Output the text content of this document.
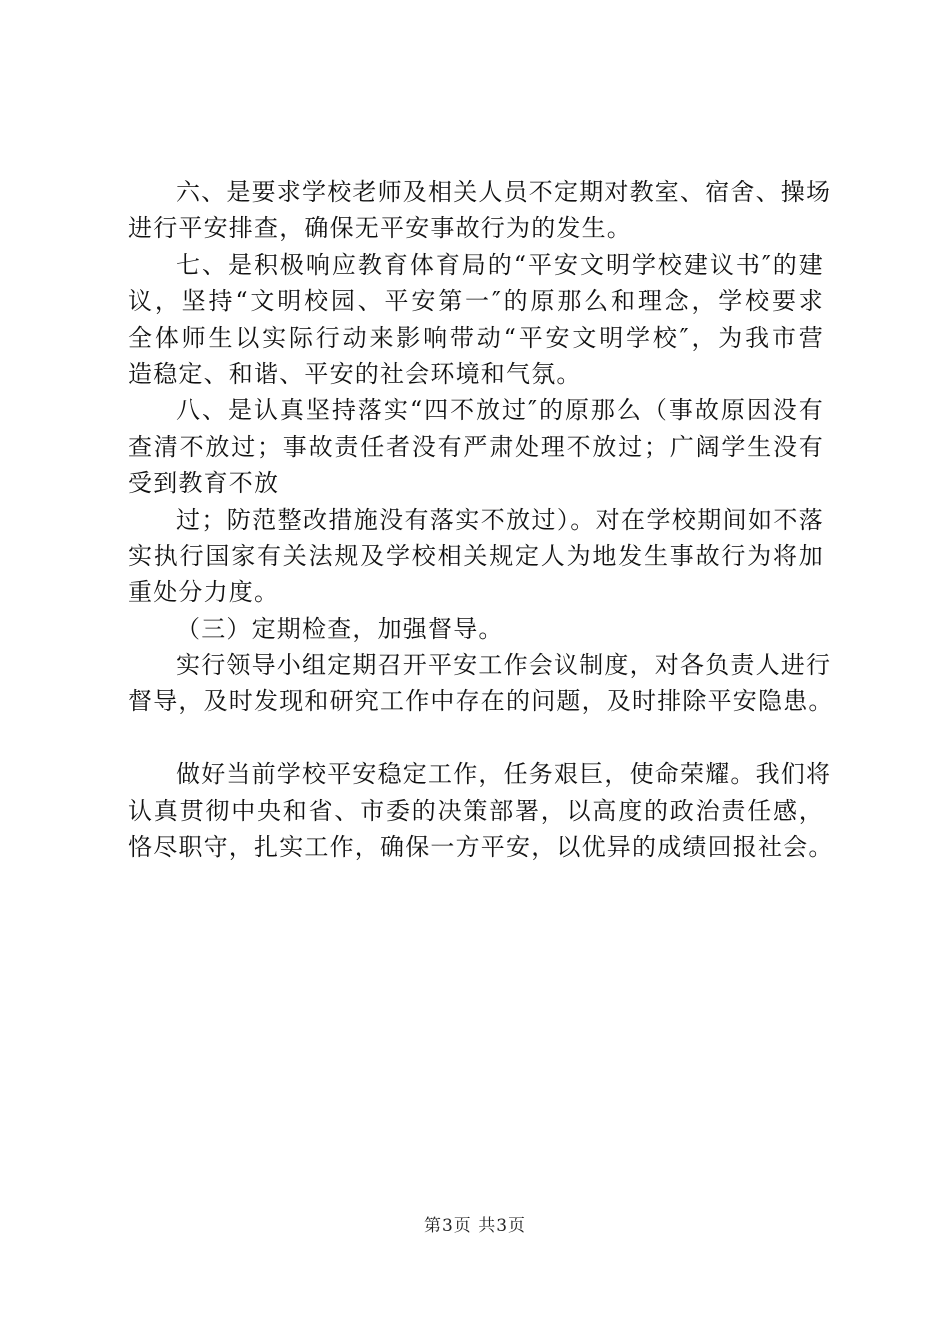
六、是要求学校老师及相关人员不定期对教室、宿舍、操场
进行平安排查，确保无平安事故行为的发生。
七、是积极响应教育体育局的“平安文明学校建议书″的建
议，坚持“文明校园、平安第一″的原那么和理念，学校要求
全体师生以实际行动来影响带动“平安文明学校″，为我市营
造稳定、和谐、平安的社会环境和气氛。
八、是认真坚持落实“四不放过″的原那么（事故原因没有
查清不放过；事故责任者没有严肃处理不放过；广阔学生没有
受到教育不放
过；防范整改措施没有落实不放过）。对在学校期间如不落
实执行国家有关法规及学校相关规定人为地发生事故行为将加
重处分力度。
（三）定期检查，加强督导。
实行领导小组定期召开平安工作会议制度，对各负责人进行
督导，及时发现和研究工作中存在的问题，及时排除平安隐患。
做好当前学校平安稳定工作，任务艰巨，使命荣耀。我们将
认真贯彻中央和省、市委的决策部署，以高度的政治责任感，
恪尽职守，扎实工作，确保一方平安，以优异的成绩回报社会。
第3页 共3页
